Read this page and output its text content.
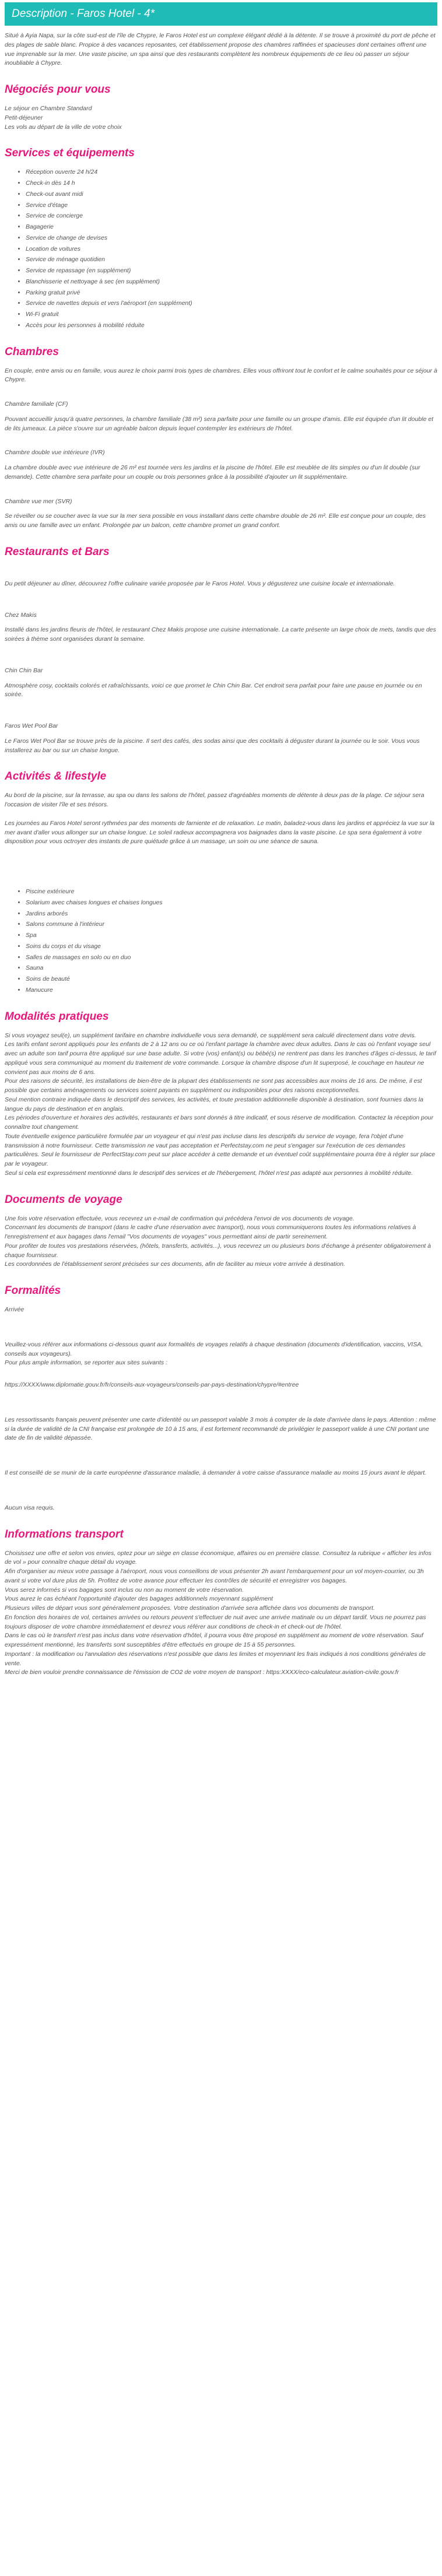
Description - Faros Hotel - 4*

Situé à Ayia Napa, sur la côte sud-est de l'île de Chypre, le Faros Hotel est un complexe élégant dédié à la détente. Il se trouve à proximité du port de pêche et des plages de sable blanc. Propice à des vacances reposantes, cet établissement propose des chambres raffinées et spacieuses dont certaines offrent une vue imprenable sur la mer. Une vaste piscine, un spa ainsi que des restaurants complètent les nombreux équipements de ce lieu où passer un séjour inoubliable à Chypre.

Négociés pour vous

Le séjour en Chambre Standard

Petit-déjeuner

Les vols au départ de la ville de votre choix

Services et équipements
• Réception ouverte 24 h/24
• Check-in dès 14 h
• Check-out avant midi
• Service d'étage
• Service de concierge
• Bagagerie
• Service de change de devises
• Location de voitures
• Service de ménage quotidien
• Service de repassage (en supplément)
• Blanchisserie et nettoyage à sec (en supplément)
• Parking gratuit privé
• Service de navettes depuis et vers l'aéroport (en supplément)
• Wi-Fi gratuit
• Accès pour les personnes à mobilité réduite
Chambres

En couple, entre amis ou en famille, vous aurez le choix parmi trois types de chambres. Elles vous offriront tout le confort et le calme souhaités pour ce séjour à Chypre.

Chambre familiale (CF)

Pouvant accueillir jusqu'à quatre personnes, la chambre familiale (38 m²) sera parfaite pour une famille ou un groupe d'amis. Elle est équipée d'un lit double et de lits jumeaux. La pièce s'ouvre sur un agréable balcon depuis lequel contempler les extérieurs de l'hôtel.

Chambre double vue intérieure (IVR)

La chambre double avec vue intérieure de 26 m² est tournée vers les jardins et la piscine de l'hôtel. Elle est meublée de lits simples ou d'un lit double (sur demande). Cette chambre sera parfaite pour un couple ou trois personnes grâce à la possibilité d'ajouter un lit supplémentaire.

Chambre vue mer (SVR)

Se réveiller ou se coucher avec la vue sur la mer sera possible en vous installant dans cette chambre double de 26 m². Elle est conçue pour un couple, des amis ou une famille avec un enfant. Prolongée par un balcon, cette chambre promet un grand confort.

Restaurants et Bars

Du petit déjeuner au dîner, découvrez l'offre culinaire variée proposée par le Faros Hotel. Vous y dégusterez une cuisine locale et internationale.

Chez Makis

Installé dans les jardins fleuris de l'hôtel, le restaurant Chez Makis propose une cuisine internationale. La carte présente un large choix de mets, tandis que des soirées à thème sont organisées durant la semaine.

Chin Chin Bar

Atmosphère cosy, cocktails colorés et rafraîchissants, voici ce que promet le Chin Chin Bar. Cet endroit sera parfait pour faire une pause en journée ou en soirée.

Faros Wet Pool Bar

Le Faros Wet Pool Bar se trouve près de la piscine. Il sert des cafés, des sodas ainsi que des cocktails à déguster durant la journée ou le soir. Vous vous installerez au bar ou sur un chaise longue.

Activités & lifestyle

Au bord de la piscine, sur la terrasse, au spa ou dans les salons de l'hôtel, passez d'agréables moments de détente à deux pas de la plage. Ce séjour sera l'occasion de visiter l'île et ses trésors.

Les journées au Faros Hotel seront rythmées par des moments de farniente et de relaxation. Le matin, baladez-vous dans les jardins et appréciez la vue sur la mer avant d'aller vous allonger sur un chaise longue. Le soleil radieux accompagnera vos baignades dans la vaste piscine. Le spa sera également à votre disposition pour vous octroyer des instants de pure quiétude grâce à un massage, un soin ou une séance de sauna.

• Piscine extérieure
• Solarium avec chaises longues et chaises longues
• Jardins arborés
• Salons commune à l'intérieur
• Spa
• Soins du corps et du visage
• Salles de massages en solo ou en duo
• Sauna
• Soins de beauté
• Manucure
Modalités pratiques

Si vous voyagez seul(e), un supplément tarifaire en chambre individuelle vous sera demandé, ce supplément sera calculé directement dans votre devis.

Les tarifs enfant seront appliqués pour les enfants de 2 à 12 ans ou ce où l'enfant partage la chambre avec deux adultes. Dans le cas où l'enfant voyage seul avec un adulte son tarif pourra être appliqué sur une base adulte. Si votre (vos) enfant(s) ou bébé(s) ne rentrent pas dans les tranches d'âges ci-dessus, le tarif appliqué vous sera communiqué au moment du traitement de votre commande. Lorsque la chambre dispose d'un lit superposé, le couchage en hauteur ne convient pas aux moins de 6 ans.

Pour des raisons de sécurité, les installations de bien-être de la plupart des établissements ne sont pas accessibles aux moins de 16 ans. De même, il est possible que certains aménagements ou services soient payants en supplément ou indisponibles pour des raisons exceptionnelles.

Seul mention contraire indiquée dans le descriptif des services, les activités, et toute prestation additionnelle disponible à destination, sont fournies dans la langue du pays de destination et en anglais.

Les périodes d'ouverture et horaires des activités, restaurants et bars sont donnés à titre indicatif, et sous réserve de modification. Contactez la réception pour connaître tout changement.

Toute éventuelle exigence particulière formulée par un voyageur et qui n'est pas incluse dans les descriptifs du service de voyage, fera l'objet d'une transmission à notre fournisseur. Cette transmission ne vaut pas acceptation et Perfectstay.com ne peut s'engager sur l'exécution de ces demandes particulières. Seul le fournisseur de PerfectStay.com peut sur place accéder à cette demande et un éventuel coût supplémentaire pourra être à régler sur place par le voyageur.

Seul si cela est expressément mentionné dans le descriptif des services et de l'hébergement, l'hôtel n'est pas adapté aux personnes à mobilité réduite.

Documents de voyage

Une fois votre réservation effectuée, vous recevrez un e-mail de confirmation qui précédera l'envoi de vos documents de voyage.

Concernant les documents de transport (dans le cadre d'une réservation avec transport), nous vous communiquerons toutes les informations relatives à l'enregistrement et aux bagages dans l'email "Vos documents de voyages" vous permettant ainsi de partir sereinement.

Pour profiter de toutes vos prestations réservées, (hôtels, transferts, activités...), vous recevrez un ou plusieurs bons d'échange à présenter obligatoirement à chaque fournisseur.

Les coordonnées de l'établissement seront précisées sur ces documents, afin de faciliter au mieux votre arrivée à destination.

Formalités

Arrivée

Veuillez-vous référer aux informations ci-dessous quant aux formalités de voyages relatifs à chaque destination (documents d'identification, vaccins, VISA, conseils aux voyageurs).

Pour plus ample information, se reporter aux sites suivants :

https://XXXX/www.diplomatie.gouv.fr/fr/conseils-aux-voyageurs/conseils-par-pays-destination/chypre/#entree

Les ressortissants français peuvent présenter une carte d'identité ou un passeport valable 3 mois à compter de la date d'arrivée dans le pays. Attention : même si la durée de validité de la CNI française est prolongée de 10 à 15 ans, il est fortement recommandé de privilégier le passeport valide à une CNI portant une date de fin de validité dépassée.

Il est conseillé de se munir de la carte européenne d'assurance maladie, à demander à votre caisse d'assurance maladie au moins 15 jours avant le départ.

Aucun visa requis.

Informations transport

Choisissez une offre et selon vos envies, optez pour un siège en classe économique, affaires ou en première classe. Consultez la rubrique « afficher les infos de vol » pour connaître chaque détail du voyage.

Afin d'organiser au mieux votre passage à l'aéroport, nous vous conseillons de vous présenter 2h avant l'embarquement pour un vol moyen-courrier, ou 3h avant si votre vol dure plus de 5h. Profitez de votre avance pour effectuer les contrôles de sécurité et enregistrer vos bagages.

Vous serez informés si vos bagages sont inclus ou non au moment de votre réservation.

Vous aurez le cas échéant l'opportunité d'ajouter des bagages additionnels moyennant supplément

Plusieurs villes de départ vous sont généralement proposées. Votre destination d'arrivée sera affichée dans vos documents de transport.

En fonction des horaires de vol, certaines arrivées ou retours peuvent s'effectuer de nuit avec une arrivée matinale ou un départ tardif. Vous ne pourrez pas toujours disposer de votre chambre immédiatement et devrez vous référer aux conditions de check-in et check-out de l'hôtel.

Dans le cas où le transfert n'est pas inclus dans votre réservation d'hôtel, il pourra vous être proposé en supplément au moment de votre réservation. Sauf expressément mentionné, les transferts sont susceptibles d'être effectués en groupe de 15 à 55 personnes.

Important : la modification ou l'annulation des réservations n'est possible que dans les limites et moyennant les frais indiqués à nos conditions générales de vente.

Merci de bien vouloir prendre connaissance de l'émission de CO2 de votre moyen de transport : https:XXXX/eco-calculateur.aviation-civile.gouv.fr
